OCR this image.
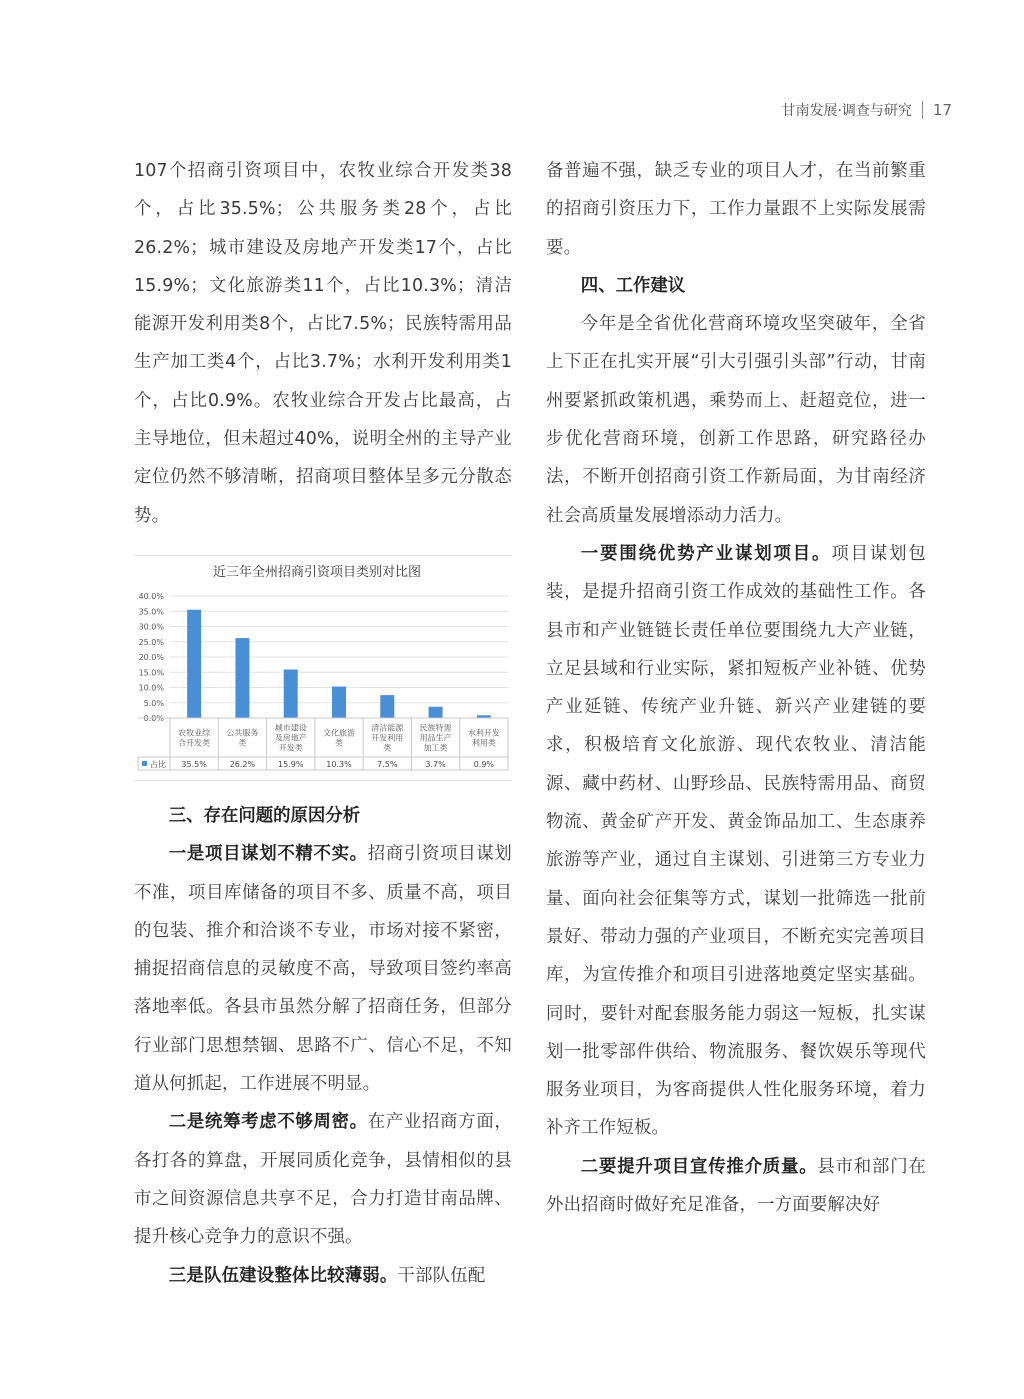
甘南发展·调查与研究 17

107个招商引资项目中，农牧业综合开发类38个，占比35.5%；公共服务类28个，占比26.2%；城市建设及房地产开发类17个，占比15.9%；文化旅游类11个，占比10.3%；清洁能源开发利用类8个，占比7.5%；民族特需用品生产加工类4个，占比3.7%；水利开发利用类1个，占比0.9%。农牧业综合开发占比最高，占主导地位，但未超过40%，说明全州的主导产业定位仍然不够清晰，招商项目整体呈多元分散态势。

近三年全州招商引资项目类别对比图
0.0%
5.0%
10.0%
15.0%
20.0%
25.0%
30.0%
35.0%
40.0%
农牧业综
合开发类
35.5%
公共服务
类
26.2%
城市建设
及房地产
开发类
15.9%
文化旅游
类
10.3%
清洁能源
开发利用
类
7.5%
民族特需
用品生产
加工类
3.7%
水利开发
利用类
0.9%
占比

三、存在问题的原因分析

一是项目谋划不精不实。招商引资项目谋划不准，项目库储备的项目不多、质量不高，项目的包装、推介和洽谈不专业，市场对接不紧密，捕捉招商信息的灵敏度不高，导致项目签约率高落地率低。各县市虽然分解了招商任务，但部分行业部门思想禁锢、思路不广、信心不足，不知道从何抓起，工作进展不明显。

二是统筹考虑不够周密。在产业招商方面，各打各的算盘，开展同质化竞争，县情相似的县市之间资源信息共享不足，合力打造甘南品牌、提升核心竞争力的意识不强。

三是队伍建设整体比较薄弱。干部队伍配

备普遍不强，缺乏专业的项目人才，在当前繁重的招商引资压力下，工作力量跟不上实际发展需要。

四、工作建议

今年是全省优化营商环境攻坚突破年，全省上下正在扎实开展“引大引强引头部”行动，甘南州要紧抓政策机遇，乘势而上、赶超竞位，进一步优化营商环境，创新工作思路，研究路径办法，不断开创招商引资工作新局面，为甘南经济社会高质量发展增添动力活力。

一要围绕优势产业谋划项目。项目谋划包装，是提升招商引资工作成效的基础性工作。各县市和产业链链长责任单位要围绕九大产业链，立足县域和行业实际，紧扣短板产业补链、优势产业延链、传统产业升链、新兴产业建链的要求，积极培育文化旅游、现代农牧业、清洁能源、藏中药材、山野珍品、民族特需用品、商贸物流、黄金矿产开发、黄金饰品加工、生态康养旅游等产业，通过自主谋划、引进第三方专业力量、面向社会征集等方式，谋划一批筛选一批前景好、带动力强的产业项目，不断充实完善项目库，为宣传推介和项目引进落地奠定坚实基础。同时，要针对配套服务能力弱这一短板，扎实谋划一批零部件供给、物流服务、餐饮娱乐等现代服务业项目，为客商提供人性化服务环境，着力补齐工作短板。

二要提升项目宣传推介质量。县市和部门在外出招商时做好充足准备，一方面要解决好
